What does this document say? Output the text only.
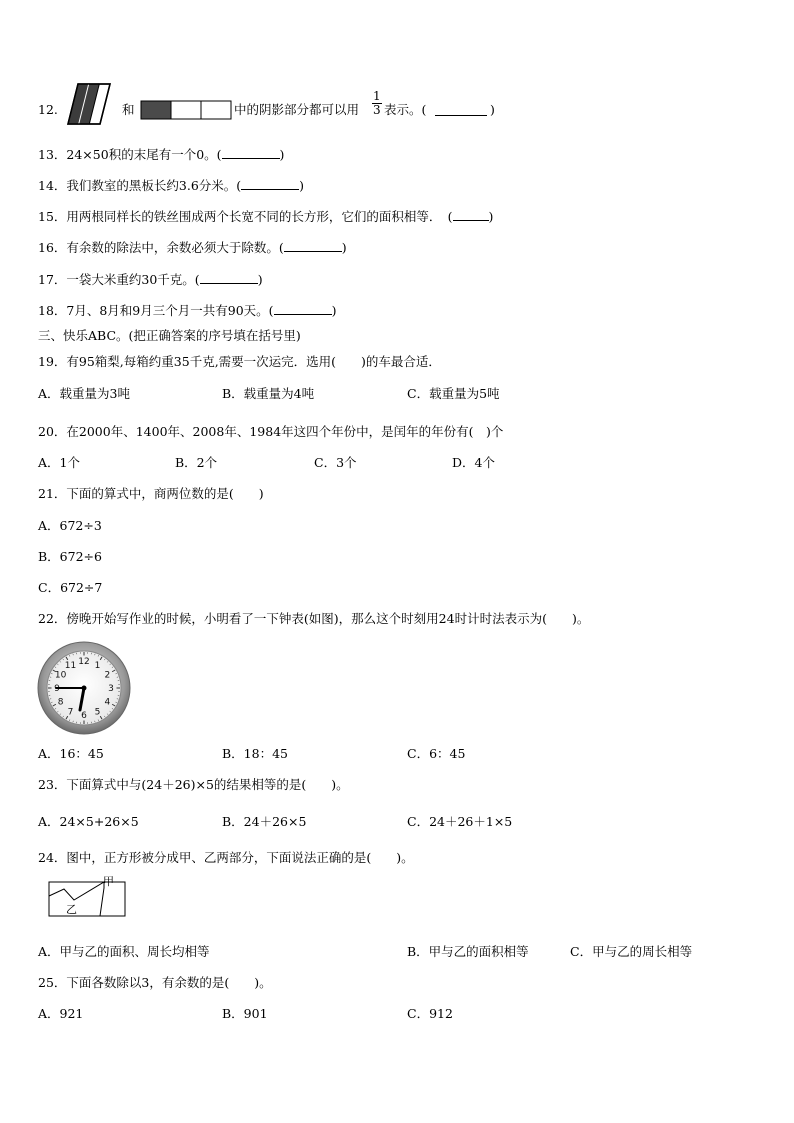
12.	和	中的阴影部分都可以用 $\frac{1}{3}$ 表示。(	)
13．24×50积的末尾有一个0。(	)
14．我们教室的黑板长约3.6分米。(	)
15．用两根同样长的铁丝围成两个长宽不同的长方形，它们的面积相等．　(	)
16．有余数的除法中，余数必须大于除数。(	)
17．一袋大米重约30千克。(	)
18．7月、8月和9月三个月一共有90天。(	)
三、快乐ABC。(把正确答案的序号填在括号里)
19．有95箱梨,每箱约重35千克,需要一次运完．选用(　　)的车最合适．
A．载重量为3吨	B．载重量为4吨	C．载重量为5吨
20．在2000年、1400年、2008年、1984年这四个年份中，是闰年的年份有(　)个
A．1个	B．2个	C．3个	D．4个
21．下面的算式中，商两位数的是(　　)
A．672÷3
B．672÷6
C．672÷7
22．傍晚开始写作业的时候，小明看了一下钟表(如图)，那么这个时刻用24时计时法表示为(　　)。
12 1
2
3
4
5
6
7
8
9
10
11
A．16：45	B．18：45	C．6：45
23．下面算式中与(24＋26)×5的结果相等的是(　　)。
A．24×5+26×5	B．24＋26×5	C．24＋26＋1×5
24．图中，正方形被分成甲、乙两部分，下面说法正确的是(　　)。
甲
乙
A．甲与乙的面积、周长均相等	B．甲与乙的面积相等	C．甲与乙的周长相等
25．下面各数除以3，有余数的是(　　)。
A．921	B．901	C．912
